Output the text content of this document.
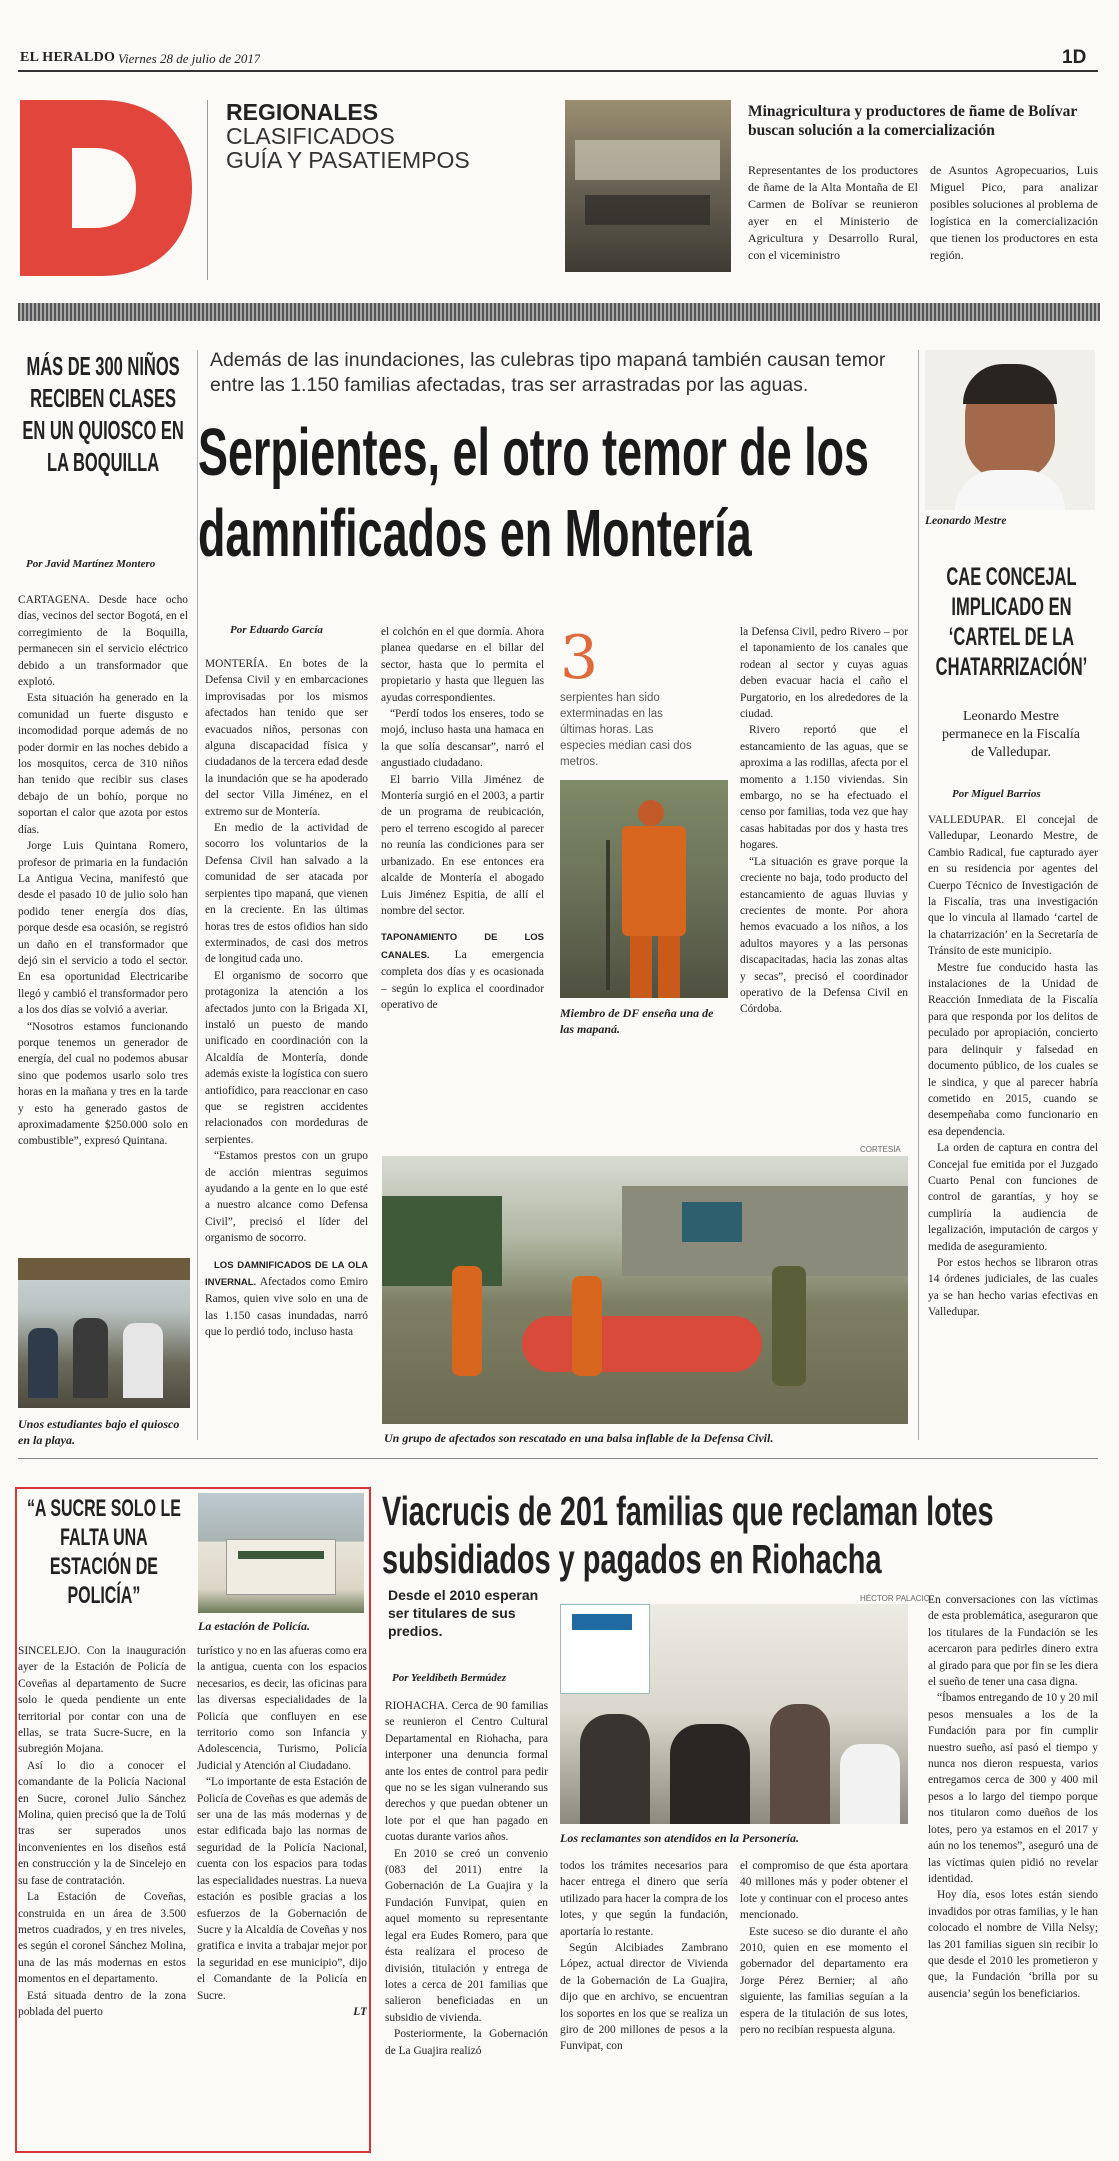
EL HERALDO Viernes 28 de julio de 2017	1D
REGIONALES
CLASIFICADOS
GUÍA Y PASATIEMPOS
Minagricultura y productores de ñame de Bolívar buscan solución a la comercialización

Representantes de los productores de ñame de la Alta Montaña de El Carmen de Bolívar se reunieron ayer en el Ministerio de Agricultura y Desarrollo Rural, con el viceministro

de Asuntos Agropecuarios, Luis Miguel Pico, para analizar posibles soluciones al problema de logística en la comercialización que tienen los productores en esta región.

MÁS DE 300 NIÑOS RECIBEN CLASES EN UN QUIOSCO EN LA BOQUILLA
Por Javid Martínez Montero

CARTAGENA. Desde hace ocho días, vecinos del sector Bogotá, en el corregimiento de la Boquilla, permanecen sin el servicio eléctrico debido a un transformador que explotó.

Esta situación ha generado en la comunidad un fuerte disgusto e incomodidad porque además de no poder dormir en las noches debido a los mosquitos, cerca de 310 niños han tenido que recibir sus clases debajo de un bohío, porque no soportan el calor que azota por estos días.

Jorge Luis Quintana Romero, profesor de primaria en la fundación La Antigua Vecina, manifestó que desde el pasado 10 de julio solo han podido tener energía dos días, porque desde esa ocasión, se registró un daño en el transformador que dejó sin el servicio a todo el sector. En esa oportunidad Electricaribe llegó y cambió el transformador pero a los dos días se volvió a averiar.

“Nosotros estamos funcionando porque tenemos un generador de energía, del cual no podemos abusar sino que podemos usarlo solo tres horas en la mañana y tres en la tarde y esto ha generado gastos de aproximadamente $250.000 solo en combustible”, expresó Quintana.

Unos estudiantes bajo el quiosco en la playa.
Además de las inundaciones, las culebras tipo mapaná también causan temor entre las 1.150 familias afectadas, tras ser arrastradas por las aguas.
Serpientes, el otro temor de los damnificados en Montería
Por Eduardo García

MONTERÍA. En botes de la Defensa Civil y en embarcaciones improvisadas por los mismos afectados han tenido que ser evacuados niños, personas con alguna discapacidad física y ciudadanos de la tercera edad desde la inundación que se ha apoderado del sector Villa Jiménez, en el extremo sur de Montería.

En medio de la actividad de socorro los voluntarios de la Defensa Civil han salvado a la comunidad de ser atacada por serpientes tipo mapaná, que vienen en la creciente. En las últimas horas tres de estos ofidios han sido exterminados, de casi dos metros de longitud cada uno.

El organismo de socorro que protagoniza la atención a los afectados junto con la Brigada XI, instaló un puesto de mando unificado en coordinación con la Alcaldía de Montería, donde además existe la logística con suero antiofídico, para reaccionar en caso que se registren accidentes relacionados con mordeduras de serpientes.

“Estamos prestos con un grupo de acción mientras seguimos ayudando a la gente en lo que esté a nuestro alcance como Defensa Civil”, precisó el líder del organismo de socorro.

LOS DAMNIFICADOS DE LA OLA INVERNAL. Afectados como Emiro Ramos, quien vive solo en una de las 1.150 casas inundadas, narró que lo perdió todo, incluso hasta

el colchón en el que dormía. Ahora planea quedarse en el billar del sector, hasta que lo permita el propietario y hasta que lleguen las ayudas correspondientes.

“Perdí todos los enseres, todo se mojó, incluso hasta una hamaca en la que solía descansar”, narró el angustiado ciudadano.

El barrio Villa Jiménez de Montería surgió en el 2003, a partir de un programa de reubicación, pero el terreno escogido al parecer no reunía las condiciones para ser urbanizado. En ese entonces era alcalde de Montería el abogado Luis Jiménez Espitia, de allí el nombre del sector.

TAPONAMIENTO DE LOS CANALES. La emergencia completa dos días y es ocasionada – según lo explica el coordinador operativo de

3
serpientes han sido exterminadas en las últimas horas. Las especies median casi dos metros.
Miembro de DF enseña una de las mapaná.

la Defensa Civil, pedro Rivero – por el taponamiento de los canales que rodean al sector y cuyas aguas deben evacuar hacia el caño el Purgatorio, en los alrededores de la ciudad.

Rivero reportó que el estancamiento de las aguas, que se aproxima a las rodillas, afecta por el momento a 1.150 viviendas. Sin embargo, no se ha efectuado el censo por familias, toda vez que hay casas habitadas por dos y hasta tres hogares.

“La situación es grave porque la creciente no baja, todo producto del estancamiento de aguas lluvias y crecientes de monte. Por ahora hemos evacuado a los niños, a los adultos mayores y a las personas discapacitadas, hacia las zonas altas y secas”, precisó el coordinador operativo de la Defensa Civil en Córdoba.

CORTESÍA
Un grupo de afectados son rescatado en una balsa inflable de la Defensa Civil.
Leonardo Mestre
CAE CONCEJAL IMPLICADO EN ‘CARTEL DE LA CHATARRIZACIÓN’
Leonardo Mestre permanece en la Fiscalía de Valledupar.
Por Miguel Barrios

VALLEDUPAR. El concejal de Valledupar, Leonardo Mestre, de Cambio Radical, fue capturado ayer en su residencia por agentes del Cuerpo Técnico de Investigación de la Fiscalía, tras una investigación que lo vincula al llamado ‘cartel de la chatarrización’ en la Secretaría de Tránsito de este municipio.

Mestre fue conducido hasta las instalaciones de la Unidad de Reacción Inmediata de la Fiscalía para que responda por los delitos de peculado por apropiación, concierto para delinquir y falsedad en documento público, de los cuales se le sindica, y que al parecer habría cometido en 2015, cuando se desempeñaba como funcionario en esa dependencia.

La orden de captura en contra del Concejal fue emitida por el Juzgado Cuarto Penal con funciones de control de garantías, y hoy se cumpliría la audiencia de legalización, imputación de cargos y medida de aseguramiento.

Por estos hechos se libraron otras 14 órdenes judiciales, de las cuales ya se han hecho varias efectivas en Valledupar.

“A SUCRE SOLO LE FALTA UNA ESTACIÓN DE POLICÍA”
La estación de Policía.

SINCELEJO. Con la inauguración ayer de la Estación de Policía de Coveñas al departamento de Sucre solo le queda pendiente un ente territorial por contar con una de ellas, se trata Sucre-Sucre, en la subregión Mojana.

Así lo dio a conocer el comandante de la Policía Nacional en Sucre, coronel Julio Sánchez Molina, quien precisó que la de Tolú tras ser superados unos inconvenientes en los diseños está en construcción y la de Sincelejo en su fase de contratación.

La Estación de Coveñas, construida en un área de 3.500 metros cuadrados, y en tres niveles, es según el coronel Sánchez Molina, una de las más modernas en estos momentos en el departamento.

Está situada dentro de la zona poblada del puerto

turístico y no en las afueras como era la antigua, cuenta con los espacios necesarios, es decir, las oficinas para las diversas especialidades de la Policía que confluyen en ese territorio como son Infancia y Adolescencia, Turismo, Policía Judicial y Atención al Ciudadano.

“Lo importante de esta Estación de Policía de Coveñas es que además de ser una de las más modernas y de estar edificada bajo las normas de seguridad de la Policía Nacional, cuenta con los espacios para todas las especialidades nuestras. La nueva estación es posible gracias a los esfuerzos de la Gobernación de Sucre y la Alcaldía de Coveñas y nos gratifica e invita a trabajar mejor por la seguridad en ese municipio”, dijo el Comandante de la Policía en Sucre.

LT

Viacrucis de 201 familias que reclaman lotes subsidiados y pagados en Riohacha
Desde el 2010 esperan ser titulares de sus predios.
Por Yeeldibeth Bermúdez
HÉCTOR PALACIO
Los reclamantes son atendidos en la Personería.

RIOHACHA. Cerca de 90 familias se reunieron el Centro Cultural Departamental en Riohacha, para interponer una denuncia formal ante los entes de control para pedir que no se les sigan vulnerando sus derechos y que puedan obtener un lote por el que han pagado en cuotas durante varios años.

En 2010 se creó un convenio (083 del 2011) entre la Gobernación de La Guajira y la Fundación Funvipat, quien en aquel momento su representante legal era Eudes Romero, para que ésta realizara el proceso de división, titulación y entrega de lotes a cerca de 201 familias que salieron beneficiadas en un subsidio de vivienda.

Posteriormente, la Gobernación de La Guajira realizó

todos los trámites necesarios para hacer entrega el dinero que sería utilizado para hacer la compra de los lotes, y que según la fundación, aportaría lo restante.

Según Alcibiades Zambrano López, actual director de Vivienda de la Gobernación de La Guajira, dijo que en archivo, se encuentran los soportes en los que se realiza un giro de 200 millones de pesos a la Funvipat, con

el compromiso de que ésta aportara 40 millones más y poder obtener el lote y continuar con el proceso antes mencionado.

Este suceso se dio durante el año 2010, quien en ese momento el gobernador del departamento era Jorge Pérez Bernier; al año siguiente, las familias seguían a la espera de la titulación de sus lotes, pero no recibían respuesta alguna.

En conversaciones con las víctimas de esta problemática, aseguraron que los titulares de la Fundación se les acercaron para pedirles dinero extra al girado para que por fin se les diera el sueño de tener una casa digna.

“Íbamos entregando de 10 y 20 mil pesos mensuales a los de la Fundación para por fin cumplir nuestro sueño, así pasó el tiempo y nunca nos dieron respuesta, varios entregamos cerca de 300 y 400 mil pesos a lo largo del tiempo porque nos titularon como dueños de los lotes, pero ya estamos en el 2017 y aún no los tenemos”, aseguró una de las víctimas quien pidió no revelar identidad.

Hoy día, esos lotes están siendo invadidos por otras familias, y le han colocado el nombre de Villa Nelsy; las 201 familias siguen sin recibir lo que desde el 2010 les prometieron y que, la Fundación ‘brilla por su ausencia’ según los beneficiarios.
